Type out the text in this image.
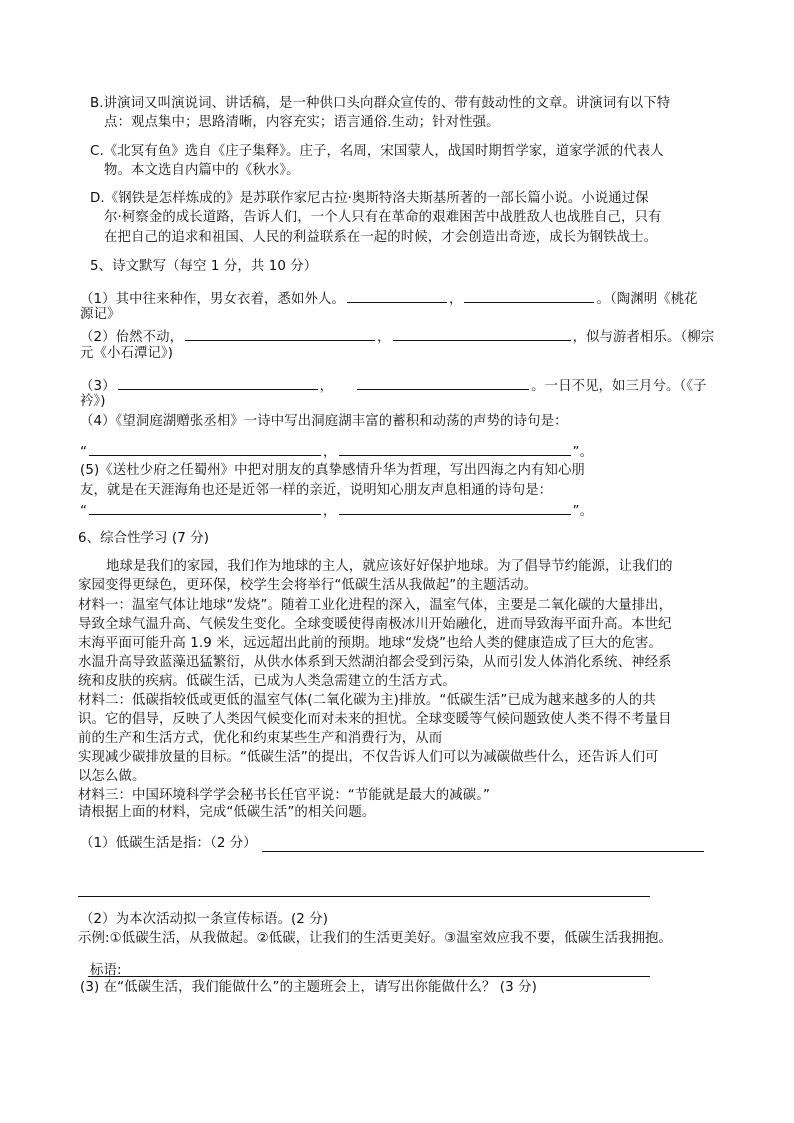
B.讲演词又叫演说词、讲话稿，是一种供口头向群众宣传的、带有鼓动性的文章。讲演词有以下特
点：观点集中；思路清晰，内容充实；语言通俗.生动；针对性强。
C.《北冥有鱼》选自《庄子集释》。庄子，名周，宋国蒙人，战国时期哲学家，道家学派的代表人
物。本文选自内篇中的《秋水》。
D.《钢铁是怎样炼成的》是苏联作家尼古拉·奥斯特洛夫斯基所著的一部长篇小说。小说通过保
尔·柯察金的成长道路，告诉人们，一个人只有在革命的艰难困苦中战胜敌人也战胜自己，只有
在把自己的追求和祖国、人民的利益联系在一起的时候，才会创造出奇迹，成长为钢铁战士。
5、诗文默写（每空 1 分，共 10 分）
（1）其中往来种作，男女衣着，悉如外人。	，	。（陶渊明《桃花
源记》
（2）佁然不动，	，	，似与游者相乐。（柳宗
元《小石潭记》)
（3）	，	。一日不见，如三月兮。（《子
衿》)
（4）《望洞庭湖赠张丞相》一诗中写出洞庭湖丰富的蓄积和动荡的声势的诗句是：
“	，	”。
(5)《送杜少府之任蜀州》中把对朋友的真挚感情升华为哲理，写出四海之内有知心朋
友，就是在天涯海角也还是近邻一样的亲近，说明知心朋友声息相通的诗句是：
“	，	”。
6、综合性学习 (7 分)
地球是我们的家园，我们作为地球的主人，就应该好好保护地球。为了倡导节约能源，让我们的
家园变得更绿色，更环保，校学生会将举行“低碳生活从我做起”的主题活动。
材料一：温室气体让地球“发烧”。随着工业化进程的深入，温室气体，主要是二氧化碳的大量排出，
导致全球气温升高、气候发生变化。全球变暖使得南极冰川开始融化，进而导致海平面升高。本世纪
末海平面可能升高 1.9 米，远远超出此前的预期。地球“发烧”也给人类的健康造成了巨大的危害。
水温升高导致蓝藻迅猛繁衍，从供水体系到天然湖泊都会受到污染，从而引发人体消化系统、神经系
统和皮肤的疾病。低碳生活，已成为人类急需建立的生活方式。
材料二：低碳指较低或更低的温室气体(二氧化碳为主)排放。“低碳生活”已成为越来越多的人的共
识。它的倡导，反映了人类因气候变化而对未来的担忧。全球变暖等气候问题致使人类不得不考量目
前的生产和生活方式，优化和约束某些生产和消费行为，从而
实现减少碳排放量的目标。“低碳生活”的提出，不仅告诉人们可以为减碳做些什么，还告诉人们可
以怎么做。
材料三：中国环境科学学会秘书长任官平说：“节能就是最大的减碳。”
请根据上面的材料，完成“低碳生活”的相关问题。
（1）低碳生活是指：（2 分）
（2）为本次活动拟一条宣传标语。(2 分)
示例:①低碳生活，从我做起。②低碳，让我们的生活更美好。③温室效应我不要，低碳生活我拥抱。
标语:
(3) 在“低碳生活，我们能做什么”的主题班会上，请写出你能做什么？ (3 分)
